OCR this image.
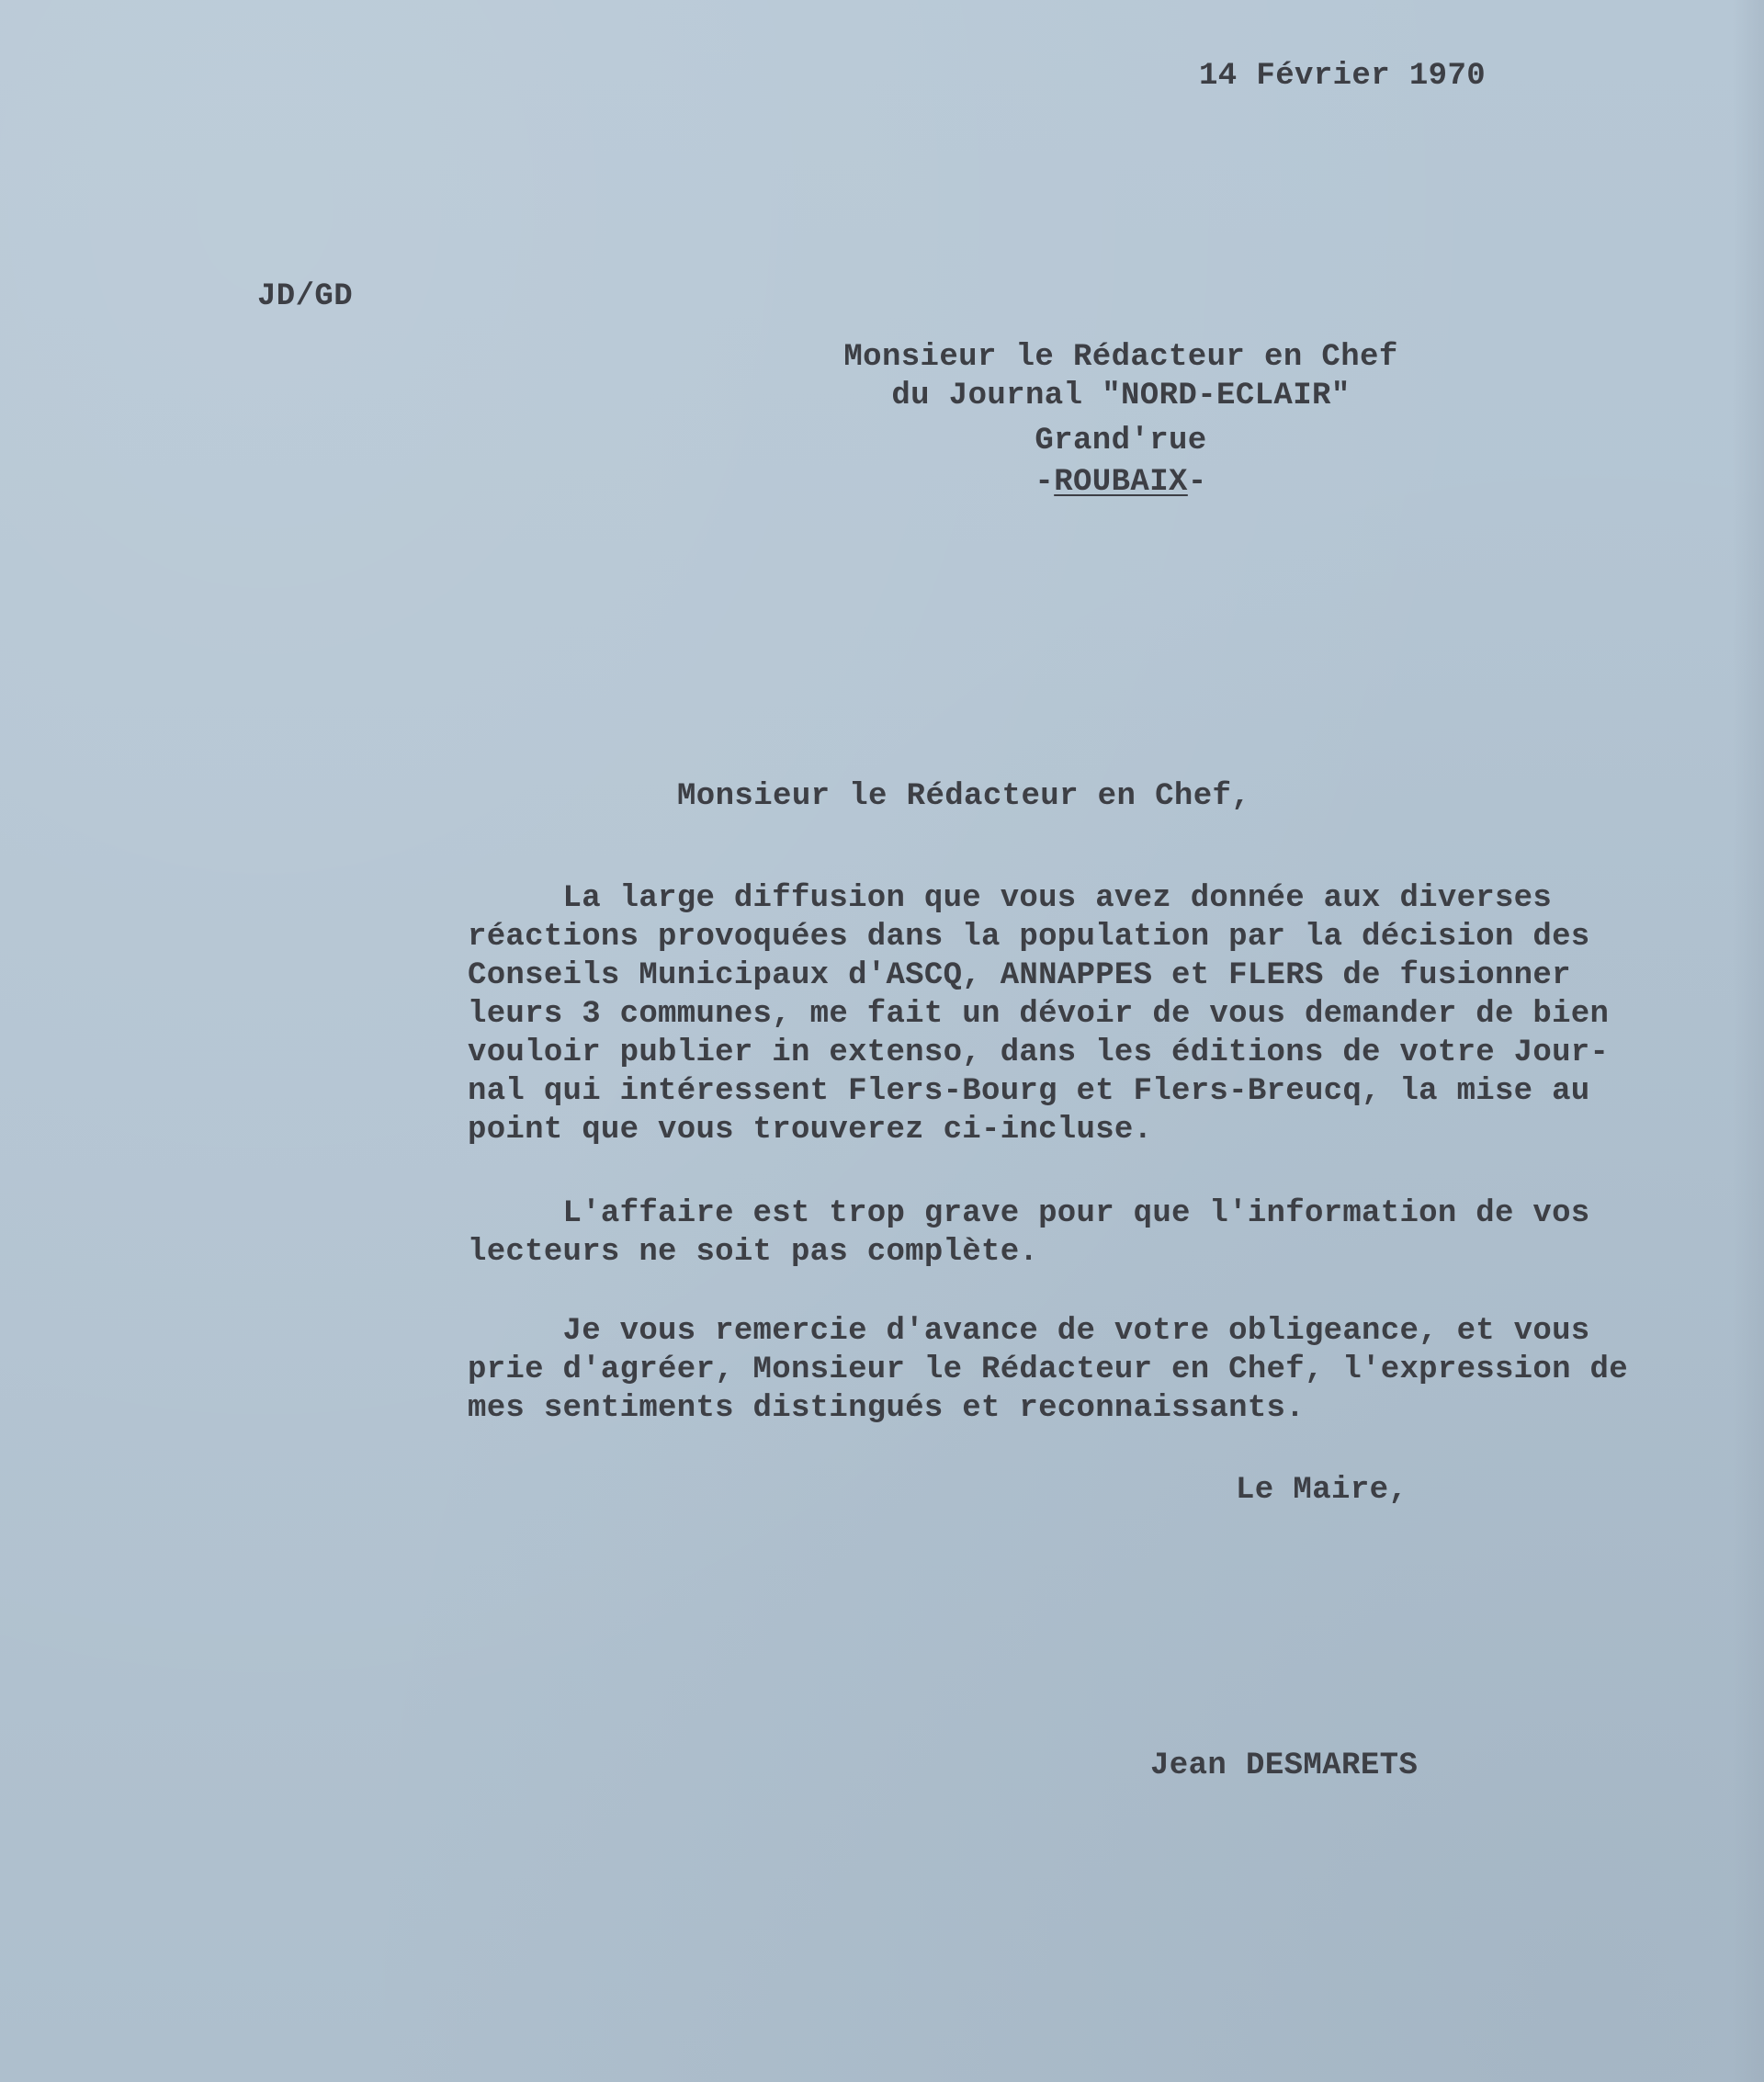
14 Février 1970

JD/GD

Monsieur le Rédacteur en Chef

du Journal "NORD-ECLAIR"

Grand'rue

-ROUBAIX-

Monsieur le Rédacteur en Chef,

La large diffusion que vous avez donnée aux diverses

réactions provoquées dans la population par la décision des

Conseils Municipaux d'ASCQ, ANNAPPES et FLERS de fusionner

leurs 3 communes, me fait un dévoir de vous demander de bien

vouloir publier in extenso, dans les éditions de votre Jour-

nal qui intéressent Flers-Bourg et Flers-Breucq, la mise au

point que vous trouverez ci-incluse.

L'affaire est trop grave pour que l'information de vos

lecteurs ne soit pas complète.

Je vous remercie d'avance de votre obligeance, et vous

prie d'agréer, Monsieur le Rédacteur en Chef, l'expression de

mes sentiments distingués et reconnaissants.

Le Maire,

Jean DESMARETS
